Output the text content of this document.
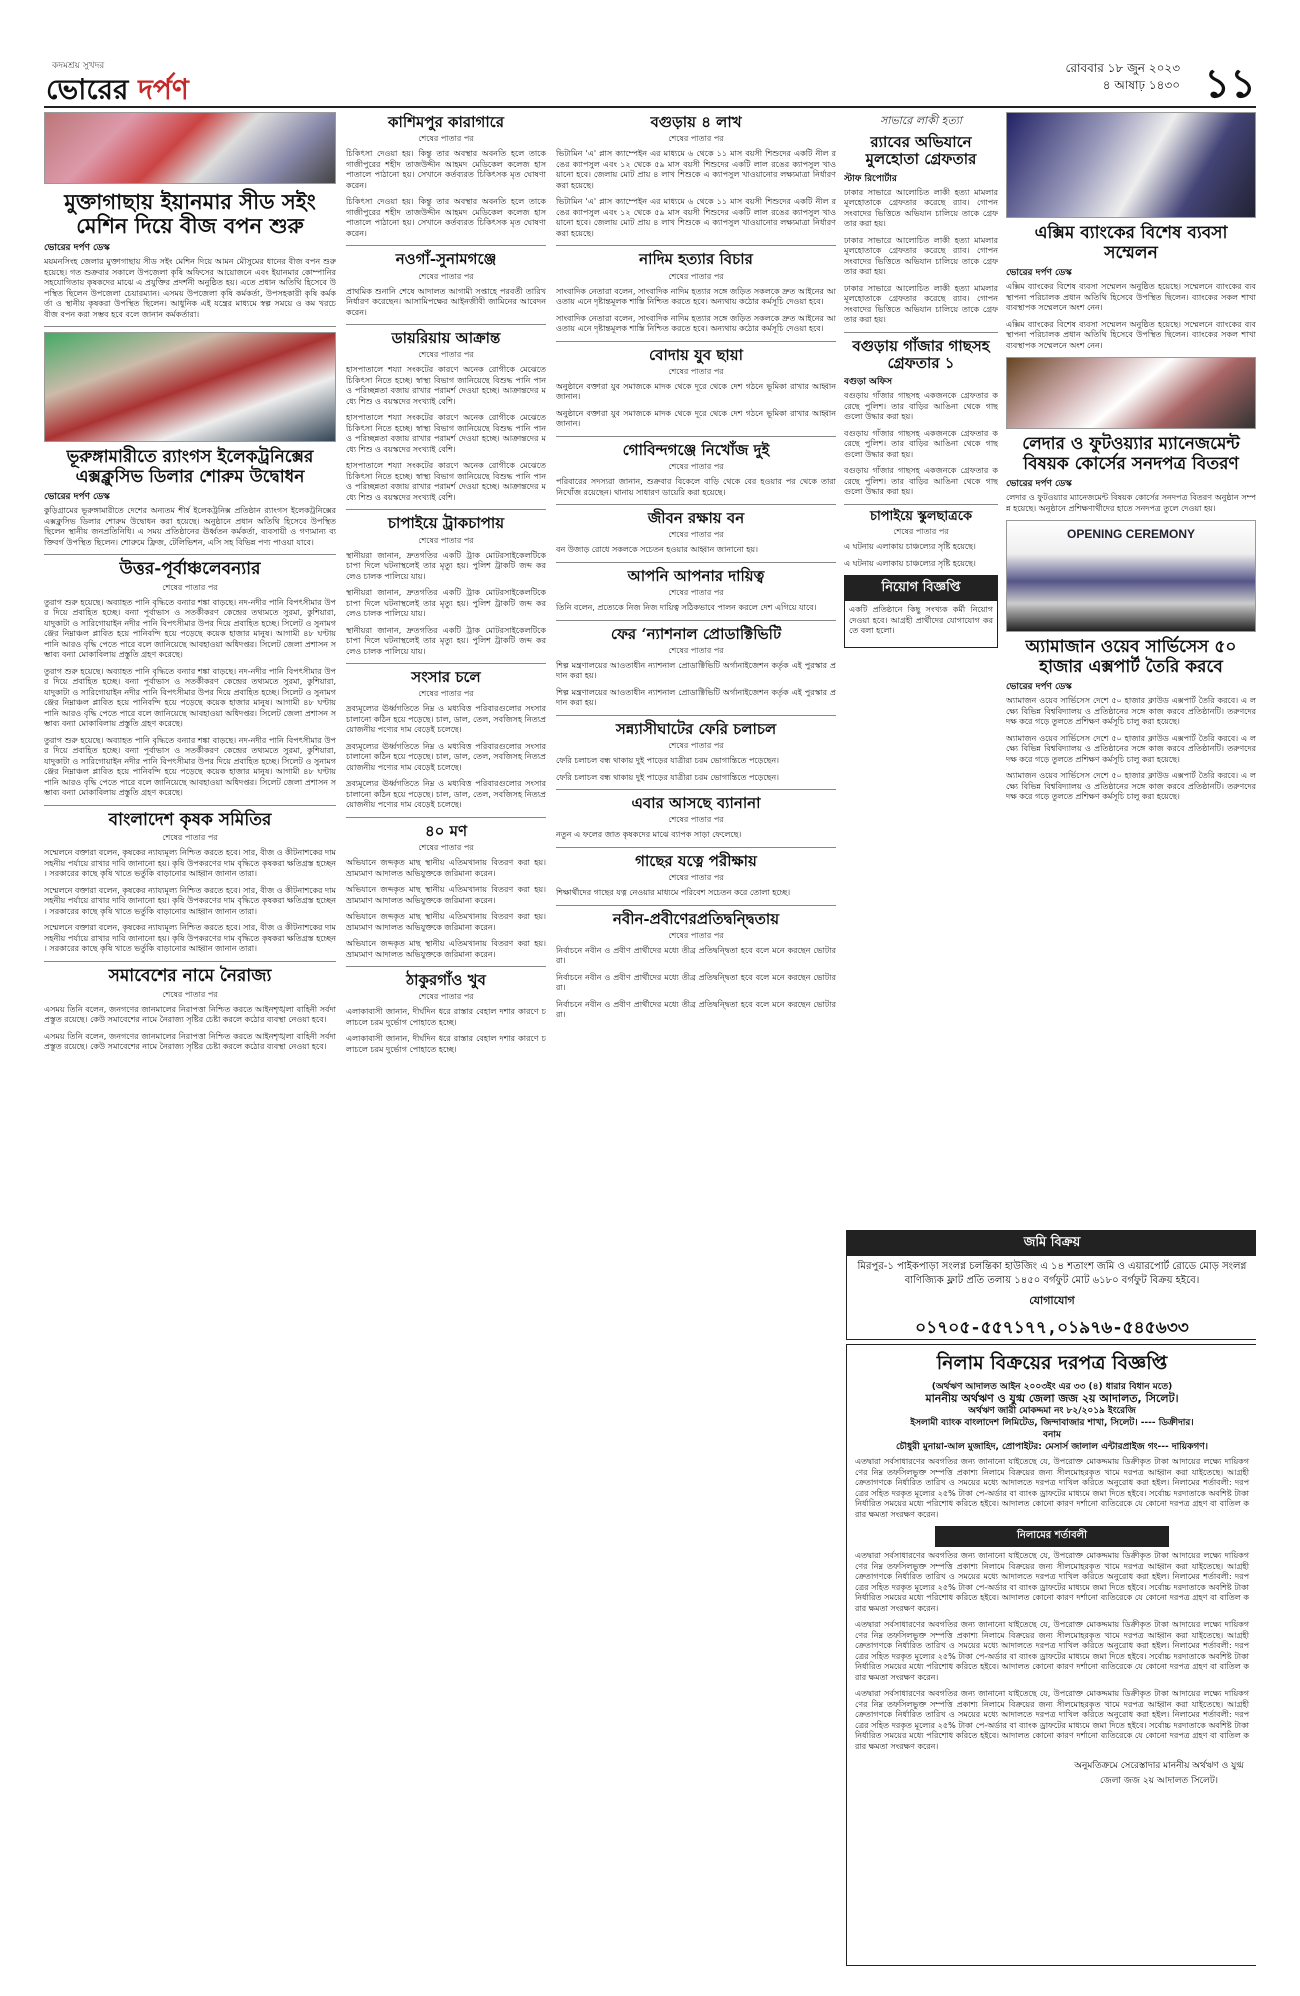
কদমশ্রয় সুখদর
ভোরের দর্পণ
রোববার ১৮ জুন ২০২৩
৪ আষাঢ় ১৪৩০ ১১
মুক্তাগাছায় ইয়ানমার সীড সইং মেশিন দিয়ে বীজ বপন শুরু
ভোরের দর্পণ ডেস্ক

ময়মনসিংহ জেলার মুক্তাগাছায় সীড সইং মেশিন দিয়ে আমন মৌসুমের ধানের বীজ বপন শুরু হয়েছে। গত শুক্রবার সকালে উপজেলা কৃষি অফিসের আয়োজনে এবং ইয়ানমার কোম্পানির সহযোগিতায় কৃষকদের মাঝে এ প্রযুক্তির প্রদর্শনী অনুষ্ঠিত হয়। এতে প্রধান অতিথি হিসেবে উপস্থিত ছিলেন উপজেলা চেয়ারম্যান। এসময় উপজেলা কৃষি কর্মকর্তা, উপসহকারী কৃষি কর্মকর্তা ও স্থানীয় কৃষকরা উপস্থিত ছিলেন। আধুনিক এই যন্ত্রের মাধ্যমে স্বল্প সময়ে ও কম খরচে বীজ বপন করা সম্ভব হবে বলে জানান কর্মকর্তারা।

ভূরুঙ্গামারীতে র‍্যাংগস ইলেকট্রনিক্সের এক্সক্লুসিভ ডিলার শোরুম উদ্বোধন
ভোরের দর্পণ ডেস্ক

কুড়িগ্রামের ভূরুঙ্গামারীতে দেশের অন্যতম শীর্ষ ইলেকট্রনিক্স প্রতিষ্ঠান র‍্যাংগস ইলেকট্রনিক্সের এক্সক্লুসিভ ডিলার শোরুম উদ্বোধন করা হয়েছে। অনুষ্ঠানে প্রধান অতিথি হিসেবে উপস্থিত ছিলেন স্থানীয় জনপ্রতিনিধি। এ সময় প্রতিষ্ঠানের ঊর্ধ্বতন কর্মকর্তা, ব্যবসায়ী ও গণ্যমান্য ব্যক্তিবর্গ উপস্থিত ছিলেন। শোরুমে ফ্রিজ, টেলিভিশন, এসি সহ বিভিন্ন পণ্য পাওয়া যাবে।

উত্তর-পূর্বাঞ্চলেবন্যার
শেষের পাতার পর

তুরাগ শুরু হয়েছে। অব্যাহত পানি বৃদ্ধিতে বন্যার শঙ্কা বাড়ছে। নদ-নদীর পানি বিপৎসীমার উপর দিয়ে প্রবাহিত হচ্ছে। বন্যা পূর্বাভাস ও সতর্কীকরণ কেন্দ্রের তথ্যমতে সুরমা, কুশিয়ারা, যাদুকাটা ও সারিগোয়াইন নদীর পানি বিপৎসীমার উপর দিয়ে প্রবাহিত হচ্ছে। সিলেট ও সুনামগঞ্জের নিম্নাঞ্চল প্লাবিত হয়ে পানিবন্দি হয়ে পড়েছে কয়েক হাজার মানুষ। আগামী ৪৮ ঘণ্টায় পানি আরও বৃদ্ধি পেতে পারে বলে জানিয়েছে আবহাওয়া অধিদপ্তর। সিলেট জেলা প্রশাসন সম্ভাব্য বন্যা মোকাবিলায় প্রস্তুতি গ্রহণ করেছে।

তুরাগ শুরু হয়েছে। অব্যাহত পানি বৃদ্ধিতে বন্যার শঙ্কা বাড়ছে। নদ-নদীর পানি বিপৎসীমার উপর দিয়ে প্রবাহিত হচ্ছে। বন্যা পূর্বাভাস ও সতর্কীকরণ কেন্দ্রের তথ্যমতে সুরমা, কুশিয়ারা, যাদুকাটা ও সারিগোয়াইন নদীর পানি বিপৎসীমার উপর দিয়ে প্রবাহিত হচ্ছে। সিলেট ও সুনামগঞ্জের নিম্নাঞ্চল প্লাবিত হয়ে পানিবন্দি হয়ে পড়েছে কয়েক হাজার মানুষ। আগামী ৪৮ ঘণ্টায় পানি আরও বৃদ্ধি পেতে পারে বলে জানিয়েছে আবহাওয়া অধিদপ্তর। সিলেট জেলা প্রশাসন সম্ভাব্য বন্যা মোকাবিলায় প্রস্তুতি গ্রহণ করেছে।

তুরাগ শুরু হয়েছে। অব্যাহত পানি বৃদ্ধিতে বন্যার শঙ্কা বাড়ছে। নদ-নদীর পানি বিপৎসীমার উপর দিয়ে প্রবাহিত হচ্ছে। বন্যা পূর্বাভাস ও সতর্কীকরণ কেন্দ্রের তথ্যমতে সুরমা, কুশিয়ারা, যাদুকাটা ও সারিগোয়াইন নদীর পানি বিপৎসীমার উপর দিয়ে প্রবাহিত হচ্ছে। সিলেট ও সুনামগঞ্জের নিম্নাঞ্চল প্লাবিত হয়ে পানিবন্দি হয়ে পড়েছে কয়েক হাজার মানুষ। আগামী ৪৮ ঘণ্টায় পানি আরও বৃদ্ধি পেতে পারে বলে জানিয়েছে আবহাওয়া অধিদপ্তর। সিলেট জেলা প্রশাসন সম্ভাব্য বন্যা মোকাবিলায় প্রস্তুতি গ্রহণ করেছে।

বাংলাদেশ কৃষক সমিতির
শেষের পাতার পর

সম্মেলনে বক্তারা বলেন, কৃষকের ন্যায্যমূল্য নিশ্চিত করতে হবে। সার, বীজ ও কীটনাশকের দাম সহনীয় পর্যায়ে রাখার দাবি জানানো হয়। কৃষি উপকরণের দাম বৃদ্ধিতে কৃষকরা ক্ষতিগ্রস্ত হচ্ছেন। সরকারের কাছে কৃষি খাতে ভর্তুকি বাড়ানোর আহ্বান জানান তারা।

সম্মেলনে বক্তারা বলেন, কৃষকের ন্যায্যমূল্য নিশ্চিত করতে হবে। সার, বীজ ও কীটনাশকের দাম সহনীয় পর্যায়ে রাখার দাবি জানানো হয়। কৃষি উপকরণের দাম বৃদ্ধিতে কৃষকরা ক্ষতিগ্রস্ত হচ্ছেন। সরকারের কাছে কৃষি খাতে ভর্তুকি বাড়ানোর আহ্বান জানান তারা।

সম্মেলনে বক্তারা বলেন, কৃষকের ন্যায্যমূল্য নিশ্চিত করতে হবে। সার, বীজ ও কীটনাশকের দাম সহনীয় পর্যায়ে রাখার দাবি জানানো হয়। কৃষি উপকরণের দাম বৃদ্ধিতে কৃষকরা ক্ষতিগ্রস্ত হচ্ছেন। সরকারের কাছে কৃষি খাতে ভর্তুকি বাড়ানোর আহ্বান জানান তারা।

সমাবেশের নামে নৈরাজ্য
শেষের পাতার পর

এসময় তিনি বলেন, জনগণের জানমালের নিরাপত্তা নিশ্চিত করতে আইনশৃঙ্খলা বাহিনী সর্বদা প্রস্তুত রয়েছে। কেউ সমাবেশের নামে নৈরাজ্য সৃষ্টির চেষ্টা করলে কঠোর ব্যবস্থা নেওয়া হবে।

এসময় তিনি বলেন, জনগণের জানমালের নিরাপত্তা নিশ্চিত করতে আইনশৃঙ্খলা বাহিনী সর্বদা প্রস্তুত রয়েছে। কেউ সমাবেশের নামে নৈরাজ্য সৃষ্টির চেষ্টা করলে কঠোর ব্যবস্থা নেওয়া হবে।

কাশিমপুর কারাগারে
শেষের পাতার পর

চিকিৎসা দেওয়া হয়। কিন্তু তার অবস্থার অবনতি হলে তাকে গাজীপুরের শহীদ তাজউদ্দীন আহমদ মেডিকেল কলেজ হাসপাতালে পাঠানো হয়। সেখানে কর্তব্যরত চিকিৎসক মৃত ঘোষণা করেন।

চিকিৎসা দেওয়া হয়। কিন্তু তার অবস্থার অবনতি হলে তাকে গাজীপুরের শহীদ তাজউদ্দীন আহমদ মেডিকেল কলেজ হাসপাতালে পাঠানো হয়। সেখানে কর্তব্যরত চিকিৎসক মৃত ঘোষণা করেন।

নওগাঁ-সুনামগঞ্জে
শেষের পাতার পর

প্রাথমিক শুনানি শেষে আদালত আগামী সপ্তাহে পরবর্তী তারিখ নির্ধারণ করেছেন। আসামিপক্ষের আইনজীবী জামিনের আবেদন করেন।

ডায়রিয়ায় আক্রান্ত
শেষের পাতার পর

হাসপাতালে শয্যা সংকটের কারণে অনেক রোগীকে মেঝেতে চিকিৎসা নিতে হচ্ছে। স্বাস্থ্য বিভাগ জানিয়েছে বিশুদ্ধ পানি পান ও পরিচ্ছন্নতা বজায় রাখার পরামর্শ দেওয়া হচ্ছে। আক্রান্তদের মধ্যে শিশু ও বয়স্কদের সংখ্যাই বেশি।

হাসপাতালে শয্যা সংকটের কারণে অনেক রোগীকে মেঝেতে চিকিৎসা নিতে হচ্ছে। স্বাস্থ্য বিভাগ জানিয়েছে বিশুদ্ধ পানি পান ও পরিচ্ছন্নতা বজায় রাখার পরামর্শ দেওয়া হচ্ছে। আক্রান্তদের মধ্যে শিশু ও বয়স্কদের সংখ্যাই বেশি।

হাসপাতালে শয্যা সংকটের কারণে অনেক রোগীকে মেঝেতে চিকিৎসা নিতে হচ্ছে। স্বাস্থ্য বিভাগ জানিয়েছে বিশুদ্ধ পানি পান ও পরিচ্ছন্নতা বজায় রাখার পরামর্শ দেওয়া হচ্ছে। আক্রান্তদের মধ্যে শিশু ও বয়স্কদের সংখ্যাই বেশি।

চাপাইয়ে ট্রাকচাপায়
শেষের পাতার পর

স্থানীয়রা জানান, দ্রুতগতির একটি ট্রাক মোটরসাইকেলটিকে চাপা দিলে ঘটনাস্থলেই তার মৃত্যু হয়। পুলিশ ট্রাকটি জব্দ করলেও চালক পালিয়ে যায়।

স্থানীয়রা জানান, দ্রুতগতির একটি ট্রাক মোটরসাইকেলটিকে চাপা দিলে ঘটনাস্থলেই তার মৃত্যু হয়। পুলিশ ট্রাকটি জব্দ করলেও চালক পালিয়ে যায়।

স্থানীয়রা জানান, দ্রুতগতির একটি ট্রাক মোটরসাইকেলটিকে চাপা দিলে ঘটনাস্থলেই তার মৃত্যু হয়। পুলিশ ট্রাকটি জব্দ করলেও চালক পালিয়ে যায়।

সংসার চলে
শেষের পাতার পর

দ্রব্যমূল্যের ঊর্ধ্বগতিতে নিম্ন ও মধ্যবিত্ত পরিবারগুলোর সংসার চালানো কঠিন হয়ে পড়েছে। চাল, ডাল, তেল, সবজিসহ নিত্যপ্রয়োজনীয় পণ্যের দাম বেড়েই চলেছে।

দ্রব্যমূল্যের ঊর্ধ্বগতিতে নিম্ন ও মধ্যবিত্ত পরিবারগুলোর সংসার চালানো কঠিন হয়ে পড়েছে। চাল, ডাল, তেল, সবজিসহ নিত্যপ্রয়োজনীয় পণ্যের দাম বেড়েই চলেছে।

দ্রব্যমূল্যের ঊর্ধ্বগতিতে নিম্ন ও মধ্যবিত্ত পরিবারগুলোর সংসার চালানো কঠিন হয়ে পড়েছে। চাল, ডাল, তেল, সবজিসহ নিত্যপ্রয়োজনীয় পণ্যের দাম বেড়েই চলেছে।

৪০ মণ
শেষের পাতার পর

অভিযানে জব্দকৃত মাছ স্থানীয় এতিমখানায় বিতরণ করা হয়। ভ্রাম্যমাণ আদালত অভিযুক্তকে জরিমানা করেন।

অভিযানে জব্দকৃত মাছ স্থানীয় এতিমখানায় বিতরণ করা হয়। ভ্রাম্যমাণ আদালত অভিযুক্তকে জরিমানা করেন।

অভিযানে জব্দকৃত মাছ স্থানীয় এতিমখানায় বিতরণ করা হয়। ভ্রাম্যমাণ আদালত অভিযুক্তকে জরিমানা করেন।

অভিযানে জব্দকৃত মাছ স্থানীয় এতিমখানায় বিতরণ করা হয়। ভ্রাম্যমাণ আদালত অভিযুক্তকে জরিমানা করেন।

ঠাকুরগাঁও খুব
শেষের পাতার পর

এলাকাবাসী জানান, দীর্ঘদিন ধরে রাস্তার বেহাল দশার কারণে চলাচলে চরম দুর্ভোগ পোহাতে হচ্ছে।

এলাকাবাসী জানান, দীর্ঘদিন ধরে রাস্তার বেহাল দশার কারণে চলাচলে চরম দুর্ভোগ পোহাতে হচ্ছে।

বগুড়ায় ৪ লাখ
শেষের পাতার পর

ভিটামিন 'এ' প্লাস ক্যাম্পেইন এর মাধ্যমে ৬ থেকে ১১ মাস বয়সী শিশুদের একটি নীল রঙের ক্যাপসুল এবং ১২ থেকে ৫৯ মাস বয়সী শিশুদের একটি লাল রঙের ক্যাপসুল খাওয়ানো হবে। জেলায় মোট প্রায় ৪ লাখ শিশুকে এ ক্যাপসুল খাওয়ানোর লক্ষ্যমাত্রা নির্ধারণ করা হয়েছে।

ভিটামিন 'এ' প্লাস ক্যাম্পেইন এর মাধ্যমে ৬ থেকে ১১ মাস বয়সী শিশুদের একটি নীল রঙের ক্যাপসুল এবং ১২ থেকে ৫৯ মাস বয়সী শিশুদের একটি লাল রঙের ক্যাপসুল খাওয়ানো হবে। জেলায় মোট প্রায় ৪ লাখ শিশুকে এ ক্যাপসুল খাওয়ানোর লক্ষ্যমাত্রা নির্ধারণ করা হয়েছে।

নাদিম হত্যার বিচার
শেষের পাতার পর

সাংবাদিক নেতারা বলেন, সাংবাদিক নাদিম হত্যার সঙ্গে জড়িত সকলকে দ্রুত আইনের আওতায় এনে দৃষ্টান্তমূলক শাস্তি নিশ্চিত করতে হবে। অন্যথায় কঠোর কর্মসূচি দেওয়া হবে।

সাংবাদিক নেতারা বলেন, সাংবাদিক নাদিম হত্যার সঙ্গে জড়িত সকলকে দ্রুত আইনের আওতায় এনে দৃষ্টান্তমূলক শাস্তি নিশ্চিত করতে হবে। অন্যথায় কঠোর কর্মসূচি দেওয়া হবে।

বোদায় যুব ছায়া
শেষের পাতার পর

অনুষ্ঠানে বক্তারা যুব সমাজকে মাদক থেকে দূরে থেকে দেশ গঠনে ভূমিকা রাখার আহ্বান জানান।

অনুষ্ঠানে বক্তারা যুব সমাজকে মাদক থেকে দূরে থেকে দেশ গঠনে ভূমিকা রাখার আহ্বান জানান।

গোবিন্দগঞ্জে নিখোঁজ দুই
শেষের পাতার পর

পরিবারের সদস্যরা জানান, শুক্রবার বিকেলে বাড়ি থেকে বের হওয়ার পর থেকে তারা নিখোঁজ রয়েছেন। থানায় সাধারণ ডায়েরি করা হয়েছে।

জীবন রক্ষায় বন
শেষের পাতার পর

বন উজাড় রোধে সকলকে সচেতন হওয়ার আহ্বান জানানো হয়।

আপনি আপনার দায়িত্ব
শেষের পাতার পর

তিনি বলেন, প্রত্যেকে নিজ নিজ দায়িত্ব সঠিকভাবে পালন করলে দেশ এগিয়ে যাবে।

ফের ‘ন্যাশনাল প্রোডাক্টিভিটি
শেষের পাতার পর

শিল্প মন্ত্রণালয়ের আওতাধীন ন্যাশনাল প্রোডাক্টিভিটি অর্গানাইজেশন কর্তৃক এই পুরস্কার প্রদান করা হয়।

শিল্প মন্ত্রণালয়ের আওতাধীন ন্যাশনাল প্রোডাক্টিভিটি অর্গানাইজেশন কর্তৃক এই পুরস্কার প্রদান করা হয়।

সন্ন্যাসীঘাটের ফেরি চলাচল
শেষের পাতার পর

ফেরি চলাচল বন্ধ থাকায় দুই পাড়ের যাত্রীরা চরম ভোগান্তিতে পড়েছেন।

ফেরি চলাচল বন্ধ থাকায় দুই পাড়ের যাত্রীরা চরম ভোগান্তিতে পড়েছেন।

এবার আসছে ব্যানানা
শেষের পাতার পর

নতুন এ ফলের জাত কৃষকদের মাঝে ব্যাপক সাড়া ফেলেছে।

গাছের যত্নে পরীক্ষায়
শেষের পাতার পর

শিক্ষার্থীদের গাছের যত্ন নেওয়ার মাধ্যমে পরিবেশ সচেতন করে তোলা হচ্ছে।

নবীন-প্রবীণেরপ্রতিদ্বন্দ্বিতায়
শেষের পাতার পর

নির্বাচনে নবীন ও প্রবীণ প্রার্থীদের মধ্যে তীব্র প্রতিদ্বন্দ্বিতা হবে বলে মনে করছেন ভোটাররা।

নির্বাচনে নবীন ও প্রবীণ প্রার্থীদের মধ্যে তীব্র প্রতিদ্বন্দ্বিতা হবে বলে মনে করছেন ভোটাররা।

নির্বাচনে নবীন ও প্রবীণ প্রার্থীদের মধ্যে তীব্র প্রতিদ্বন্দ্বিতা হবে বলে মনে করছেন ভোটাররা।

সাভারে লাকী হত্যা
র‍্যাবের অভিযানে মুলহোতা গ্রেফতার
স্টাফ রিপোর্টার

ঢাকার সাভারে আলোচিত লাকী হত্যা মামলার মূলহোতাকে গ্রেফতার করেছে র‍্যাব। গোপন সংবাদের ভিত্তিতে অভিযান চালিয়ে তাকে গ্রেফতার করা হয়।

ঢাকার সাভারে আলোচিত লাকী হত্যা মামলার মূলহোতাকে গ্রেফতার করেছে র‍্যাব। গোপন সংবাদের ভিত্তিতে অভিযান চালিয়ে তাকে গ্রেফতার করা হয়।

ঢাকার সাভারে আলোচিত লাকী হত্যা মামলার মূলহোতাকে গ্রেফতার করেছে র‍্যাব। গোপন সংবাদের ভিত্তিতে অভিযান চালিয়ে তাকে গ্রেফতার করা হয়।

বগুড়ায় গাঁজার গাছসহ গ্রেফতার ১
বগুড়া অফিস

বগুড়ায় গাঁজার গাছসহ একজনকে গ্রেফতার করেছে পুলিশ। তার বাড়ির আঙিনা থেকে গাছগুলো উদ্ধার করা হয়।

বগুড়ায় গাঁজার গাছসহ একজনকে গ্রেফতার করেছে পুলিশ। তার বাড়ির আঙিনা থেকে গাছগুলো উদ্ধার করা হয়।

বগুড়ায় গাঁজার গাছসহ একজনকে গ্রেফতার করেছে পুলিশ। তার বাড়ির আঙিনা থেকে গাছগুলো উদ্ধার করা হয়।

চাপাইয়ে স্কুলছাত্রকে
শেষের পাতার পর

এ ঘটনায় এলাকায় চাঞ্চল্যের সৃষ্টি হয়েছে।

এ ঘটনায় এলাকায় চাঞ্চল্যের সৃষ্টি হয়েছে।

নিয়োগ বিজ্ঞপ্তি

একটি প্রতিষ্ঠানে কিছু সংখ্যক কর্মী নিয়োগ দেওয়া হবে। আগ্রহী প্রার্থীদের যোগাযোগ করতে বলা হলো।

এক্সিম ব্যাংকের বিশেষ ব্যবসা সম্মেলন
ভোরের দর্পণ ডেস্ক

এক্সিম ব্যাংকের বিশেষ ব্যবসা সম্মেলন অনুষ্ঠিত হয়েছে। সম্মেলনে ব্যাংকের ব্যবস্থাপনা পরিচালক প্রধান অতিথি হিসেবে উপস্থিত ছিলেন। ব্যাংকের সকল শাখা ব্যবস্থাপক সম্মেলনে অংশ নেন।

এক্সিম ব্যাংকের বিশেষ ব্যবসা সম্মেলন অনুষ্ঠিত হয়েছে। সম্মেলনে ব্যাংকের ব্যবস্থাপনা পরিচালক প্রধান অতিথি হিসেবে উপস্থিত ছিলেন। ব্যাংকের সকল শাখা ব্যবস্থাপক সম্মেলনে অংশ নেন।

লেদার ও ফুটওয়্যার ম্যানেজমেন্ট বিষয়ক কোর্সের সনদপত্র বিতরণ
ভোরের দর্পণ ডেস্ক

লেদার ও ফুটওয়্যার ম্যানেজমেন্ট বিষয়ক কোর্সের সনদপত্র বিতরণ অনুষ্ঠান সম্পন্ন হয়েছে। অনুষ্ঠানে প্রশিক্ষণার্থীদের হাতে সনদপত্র তুলে দেওয়া হয়।

OPENING CEREMONY
অ্যামাজান ওয়েব সার্ভিসেস ৫০ হাজার এক্সপার্ট তৈরি করবে
ভোরের দর্পণ ডেস্ক

অ্যামাজন ওয়েব সার্ভিসেস দেশে ৫০ হাজার ক্লাউড এক্সপার্ট তৈরি করবে। এ লক্ষ্যে বিভিন্ন বিশ্ববিদ্যালয় ও প্রতিষ্ঠানের সঙ্গে কাজ করবে প্রতিষ্ঠানটি। তরুণদের দক্ষ করে গড়ে তুলতে প্রশিক্ষণ কর্মসূচি চালু করা হয়েছে।

অ্যামাজন ওয়েব সার্ভিসেস দেশে ৫০ হাজার ক্লাউড এক্সপার্ট তৈরি করবে। এ লক্ষ্যে বিভিন্ন বিশ্ববিদ্যালয় ও প্রতিষ্ঠানের সঙ্গে কাজ করবে প্রতিষ্ঠানটি। তরুণদের দক্ষ করে গড়ে তুলতে প্রশিক্ষণ কর্মসূচি চালু করা হয়েছে।

অ্যামাজন ওয়েব সার্ভিসেস দেশে ৫০ হাজার ক্লাউড এক্সপার্ট তৈরি করবে। এ লক্ষ্যে বিভিন্ন বিশ্ববিদ্যালয় ও প্রতিষ্ঠানের সঙ্গে কাজ করবে প্রতিষ্ঠানটি। তরুণদের দক্ষ করে গড়ে তুলতে প্রশিক্ষণ কর্মসূচি চালু করা হয়েছে।

জমি বিক্রয়
মিরপুর-১ পাইকপাড়া সংলগ্ন চলন্তিকা হাউজিং এ ১৪ শতাংশ জমি ও এয়ারপোর্ট রোডে মোড় সংলগ্ন বাণিজ্যিক ফ্লাট প্রতি তলায় ১৪৫০ বর্গফুট মোট ৬১৮০ বর্গফুট বিক্রয় হইবে।
যোগাযোগ
০১৭০৫-৫৫৭১৭৭,০১৯৭৬-৫৪৫৬৩৩
নিলাম বিক্রয়ের দরপত্র বিজ্ঞপ্তি
(অর্থঋণ আদালত আইন ২০০৩ইং এর ৩৩ (৪) ধারার বিধান মতে)
মাননীয় অর্থঋণ ও যুগ্ম জেলা জজ ২য় আদালত, সিলেট।
অর্থঋণ জারী মোকদ্দমা নং ৮২/২০১৯ ইংরেজি
ইসলামী ব্যাংক বাংলাদেশ লিমিটেড, জিন্দাবাজার শাখা, সিলেট। ---- ডিক্রীদার।
বনাম
চৌধুরী মুনায়া-আল মুজাহিদ, প্রোপাইটর: মেসার্স জালাল এন্টারপ্রাইজ গং--- দায়িকগণ।

এতদ্বারা সর্বসাধারণের অবগতির জন্য জানানো যাইতেছে যে, উপরোক্ত মোকদ্দমায় ডিক্রীকৃত টাকা আদায়ের লক্ষ্যে দায়িকগণের নিম্ন তফসিলভুক্ত সম্পত্তি প্রকাশ্য নিলামে বিক্রয়ের জন্য সীলমোহরকৃত খামে দরপত্র আহ্বান করা যাইতেছে। আগ্রহী ক্রেতাগণকে নির্ধারিত তারিখ ও সময়ের মধ্যে আদালতে দরপত্র দাখিল করিতে অনুরোধ করা হইল। নিলামের শর্তাবলী: দরপত্রের সহিত দরকৃত মূল্যের ২৫% টাকা পে-অর্ডার বা ব্যাংক ড্রাফটের মাধ্যমে জমা দিতে হইবে। সর্বোচ্চ দরদাতাকে অবশিষ্ট টাকা নির্ধারিত সময়ের মধ্যে পরিশোধ করিতে হইবে। আদালত কোনো কারণ দর্শানো ব্যতিরেকে যে কোনো দরপত্র গ্রহণ বা বাতিল করার ক্ষমতা সংরক্ষণ করেন।

নিলামের শর্তাবলী

এতদ্বারা সর্বসাধারণের অবগতির জন্য জানানো যাইতেছে যে, উপরোক্ত মোকদ্দমায় ডিক্রীকৃত টাকা আদায়ের লক্ষ্যে দায়িকগণের নিম্ন তফসিলভুক্ত সম্পত্তি প্রকাশ্য নিলামে বিক্রয়ের জন্য সীলমোহরকৃত খামে দরপত্র আহ্বান করা যাইতেছে। আগ্রহী ক্রেতাগণকে নির্ধারিত তারিখ ও সময়ের মধ্যে আদালতে দরপত্র দাখিল করিতে অনুরোধ করা হইল। নিলামের শর্তাবলী: দরপত্রের সহিত দরকৃত মূল্যের ২৫% টাকা পে-অর্ডার বা ব্যাংক ড্রাফটের মাধ্যমে জমা দিতে হইবে। সর্বোচ্চ দরদাতাকে অবশিষ্ট টাকা নির্ধারিত সময়ের মধ্যে পরিশোধ করিতে হইবে। আদালত কোনো কারণ দর্শানো ব্যতিরেকে যে কোনো দরপত্র গ্রহণ বা বাতিল করার ক্ষমতা সংরক্ষণ করেন।

এতদ্বারা সর্বসাধারণের অবগতির জন্য জানানো যাইতেছে যে, উপরোক্ত মোকদ্দমায় ডিক্রীকৃত টাকা আদায়ের লক্ষ্যে দায়িকগণের নিম্ন তফসিলভুক্ত সম্পত্তি প্রকাশ্য নিলামে বিক্রয়ের জন্য সীলমোহরকৃত খামে দরপত্র আহ্বান করা যাইতেছে। আগ্রহী ক্রেতাগণকে নির্ধারিত তারিখ ও সময়ের মধ্যে আদালতে দরপত্র দাখিল করিতে অনুরোধ করা হইল। নিলামের শর্তাবলী: দরপত্রের সহিত দরকৃত মূল্যের ২৫% টাকা পে-অর্ডার বা ব্যাংক ড্রাফটের মাধ্যমে জমা দিতে হইবে। সর্বোচ্চ দরদাতাকে অবশিষ্ট টাকা নির্ধারিত সময়ের মধ্যে পরিশোধ করিতে হইবে। আদালত কোনো কারণ দর্শানো ব্যতিরেকে যে কোনো দরপত্র গ্রহণ বা বাতিল করার ক্ষমতা সংরক্ষণ করেন।

এতদ্বারা সর্বসাধারণের অবগতির জন্য জানানো যাইতেছে যে, উপরোক্ত মোকদ্দমায় ডিক্রীকৃত টাকা আদায়ের লক্ষ্যে দায়িকগণের নিম্ন তফসিলভুক্ত সম্পত্তি প্রকাশ্য নিলামে বিক্রয়ের জন্য সীলমোহরকৃত খামে দরপত্র আহ্বান করা যাইতেছে। আগ্রহী ক্রেতাগণকে নির্ধারিত তারিখ ও সময়ের মধ্যে আদালতে দরপত্র দাখিল করিতে অনুরোধ করা হইল। নিলামের শর্তাবলী: দরপত্রের সহিত দরকৃত মূল্যের ২৫% টাকা পে-অর্ডার বা ব্যাংক ড্রাফটের মাধ্যমে জমা দিতে হইবে। সর্বোচ্চ দরদাতাকে অবশিষ্ট টাকা নির্ধারিত সময়ের মধ্যে পরিশোধ করিতে হইবে। আদালত কোনো কারণ দর্শানো ব্যতিরেকে যে কোনো দরপত্র গ্রহণ বা বাতিল করার ক্ষমতা সংরক্ষণ করেন।

অনুমতিক্রমে সেরেস্তাদার মাননীয় অর্থঋণ ও যুগ্ম জেলা জজ ২য় আদালত সিলেট।
